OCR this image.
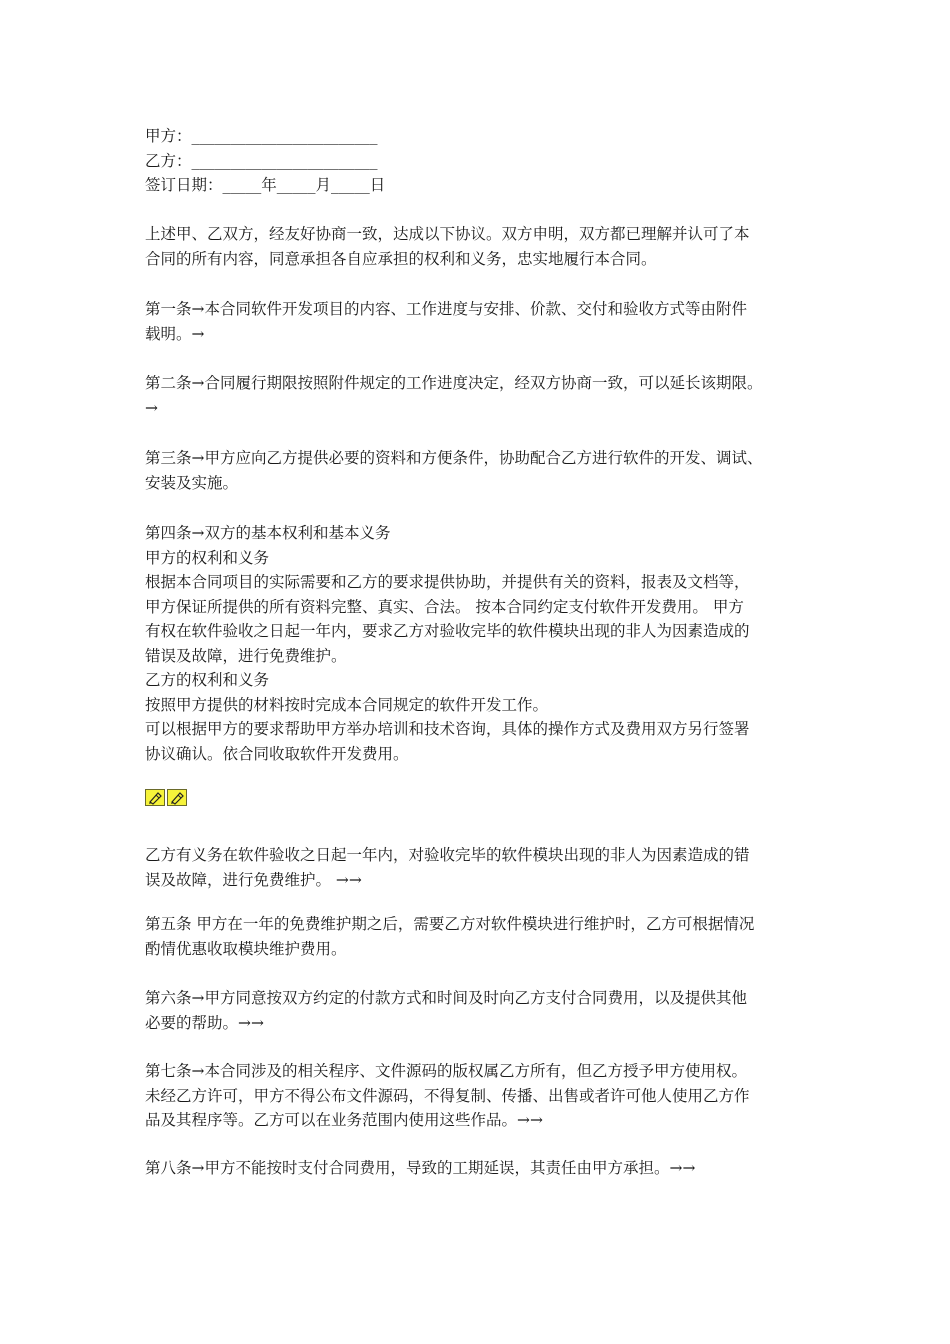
甲方：________________________
乙方：________________________
签订日期：_____年_____月_____日
上述甲、乙双方，经友好协商一致，达成以下协议。双方申明，双方都已理解并认可了本
合同的所有内容，同意承担各自应承担的权利和义务，忠实地履行本合同。
第一条→本合同软件开发项目的内容、工作进度与安排、价款、交付和验收方式等由附件
载明。→
第二条→合同履行期限按照附件规定的工作进度决定，经双方协商一致，可以延长该期限。
→
第三条→甲方应向乙方提供必要的资料和方便条件，协助配合乙方进行软件的开发、调试、
安装及实施。
第四条→双方的基本权利和基本义务
甲方的权利和义务
根据本合同项目的实际需要和乙方的要求提供协助，并提供有关的资料，报表及文档等，
甲方保证所提供的所有资料完整、真实、合法。 按本合同约定支付软件开发费用。 甲方
有权在软件验收之日起一年内，要求乙方对验收完毕的软件模块出现的非人为因素造成的
错误及故障，进行免费维护。
乙方的权利和义务
按照甲方提供的材料按时完成本合同规定的软件开发工作。
可以根据甲方的要求帮助甲方举办培训和技术咨询，具体的操作方式及费用双方另行签署
协议确认。依合同收取软件开发费用。
乙方有义务在软件验收之日起一年内，对验收完毕的软件模块出现的非人为因素造成的错
误及故障，进行免费维护。 →→
第五条 甲方在一年的免费维护期之后，需要乙方对软件模块进行维护时，乙方可根据情况
酌情优惠收取模块维护费用。
第六条→甲方同意按双方约定的付款方式和时间及时向乙方支付合同费用，以及提供其他
必要的帮助。→→
第七条→本合同涉及的相关程序、文件源码的版权属乙方所有，但乙方授予甲方使用权。
未经乙方许可，甲方不得公布文件源码，不得复制、传播、出售或者许可他人使用乙方作
品及其程序等。乙方可以在业务范围内使用这些作品。→→
第八条→甲方不能按时支付合同费用，导致的工期延误，其责任由甲方承担。→→
